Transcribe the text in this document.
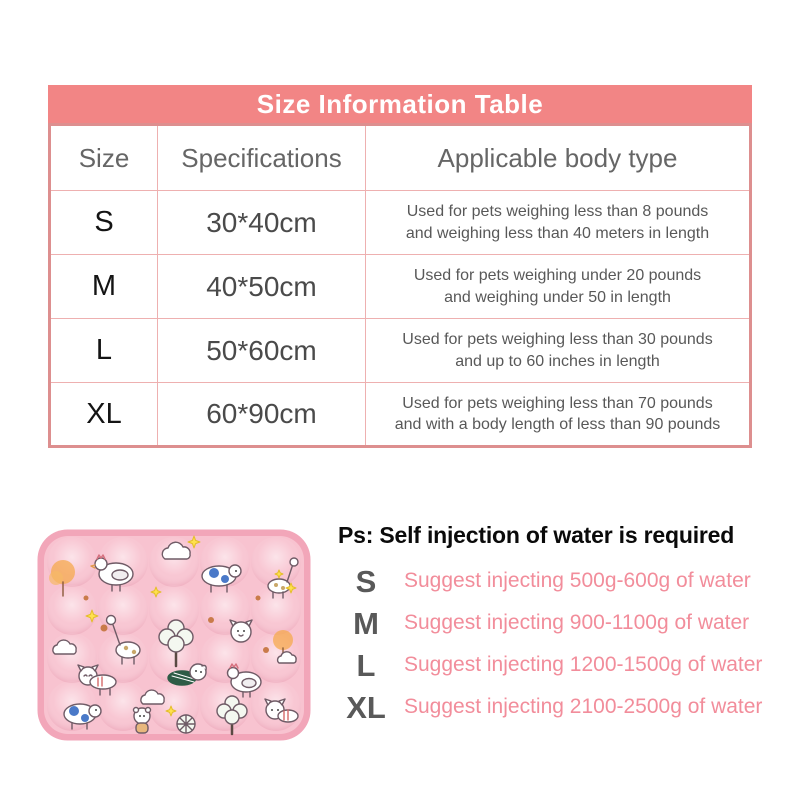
Size Information Table
Size	Specifications	Applicable body type
S	30*40cm	Used for pets weighing less than 8 pounds
and weighing less than 40 meters in length

M	40*50cm	Used for pets weighing under 20 pounds
and weighing under 50 in length

L	50*60cm	Used for pets weighing less than 30 pounds
and up to 60 inches in length

XL	60*90cm	Used for pets weighing less than 70 pounds
and with a body length of less than 90 pounds
Ps: Self injection of water is required
S	Suggest injecting 500g-600g of water
M	Suggest injecting 900-1100g of water
L	Suggest injecting 1200-1500g of water
XL Suggest injecting 2100-2500g of water
